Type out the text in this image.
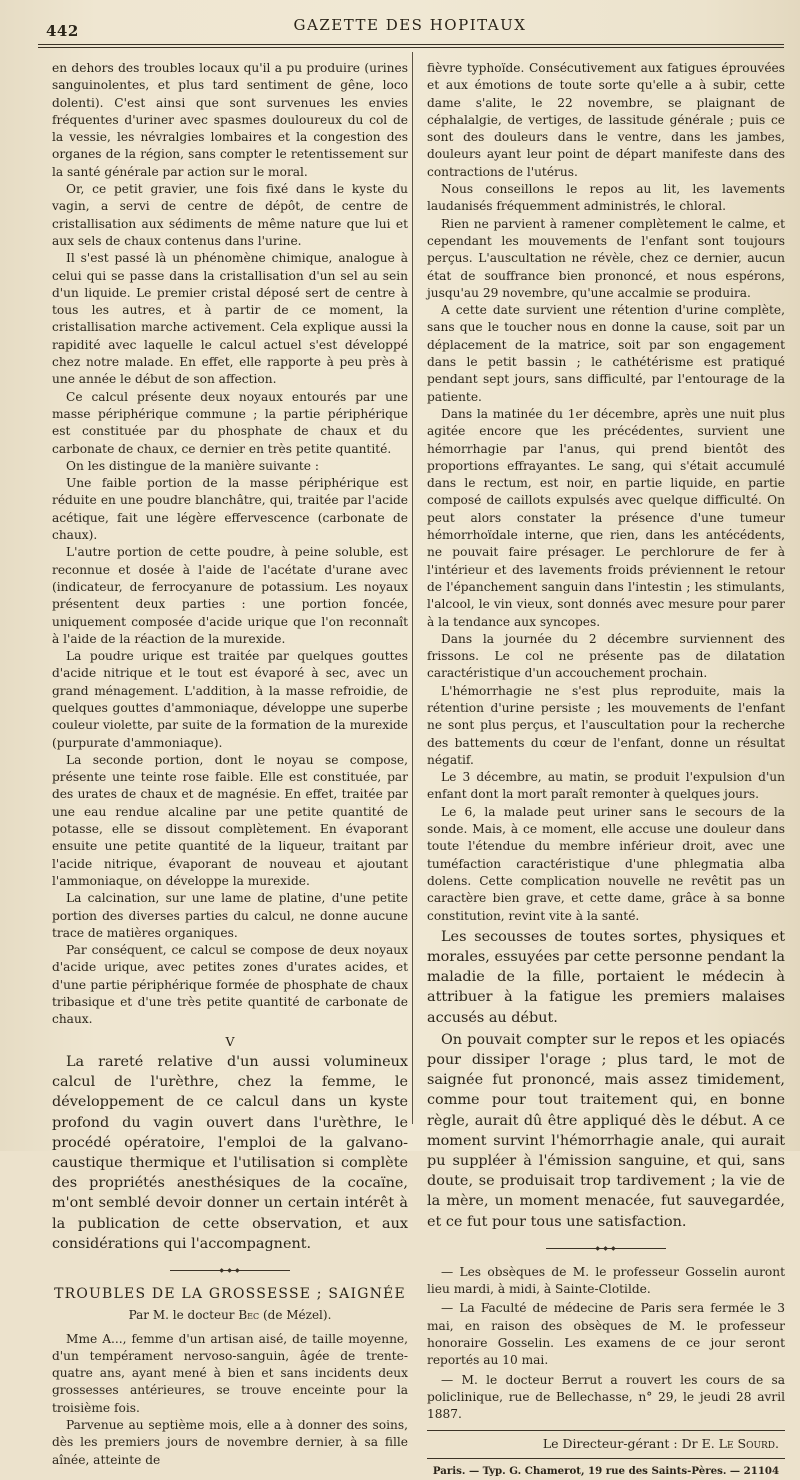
442	GAZETTE DES HOPITAUX

en dehors des troubles locaux qu'il a pu produire (urines sanguinolentes, et plus tard sentiment de gêne, loco dolenti). C'est ainsi que sont survenues les envies fréquentes d'uriner avec spasmes douloureux du col de la vessie, les névralgies lombaires et la congestion des organes de la région, sans compter le retentissement sur la santé générale par action sur le moral.

Or, ce petit gravier, une fois fixé dans le kyste du vagin, a servi de centre de dépôt, de centre de cristallisation aux sédiments de même nature que lui et aux sels de chaux contenus dans l'urine.

Il s'est passé là un phénomène chimique, analogue à celui qui se passe dans la cristallisation d'un sel au sein d'un liquide. Le premier cristal déposé sert de centre à tous les autres, et à partir de ce moment, la cristallisation marche activement. Cela explique aussi la rapidité avec laquelle le calcul actuel s'est développé chez notre malade. En effet, elle rapporte à peu près à une année le début de son affection.

Ce calcul présente deux noyaux entourés par une masse périphérique commune ; la partie périphérique est constituée par du phosphate de chaux et du carbonate de chaux, ce dernier en très petite quantité.

On les distingue de la manière suivante :

Une faible portion de la masse périphérique est réduite en une poudre blanchâtre, qui, traitée par l'acide acétique, fait une légère effervescence (carbonate de chaux).

L'autre portion de cette poudre, à peine soluble, est reconnue et dosée à l'aide de l'acétate d'urane avec (indicateur, de ferrocyanure de potassium. Les noyaux présentent deux parties : une portion foncée, uniquement composée d'acide urique que l'on reconnaît à l'aide de la réaction de la murexide.

La poudre urique est traitée par quelques gouttes d'acide nitrique et le tout est évaporé à sec, avec un grand ménagement. L'addition, à la masse refroidie, de quelques gouttes d'ammoniaque, développe une superbe couleur violette, par suite de la formation de la murexide (purpurate d'ammoniaque).

La seconde portion, dont le noyau se compose, présente une teinte rose faible. Elle est constituée, par des urates de chaux et de magnésie. En effet, traitée par une eau rendue alcaline par une petite quantité de potasse, elle se dissout complètement. En évaporant ensuite une petite quantité de la liqueur, traitant par l'acide nitrique, évaporant de nouveau et ajoutant l'ammoniaque, on développe la murexide.

La calcination, sur une lame de platine, d'une petite portion des diverses parties du calcul, ne donne aucune trace de matières organiques.

Par conséquent, ce calcul se compose de deux noyaux d'acide urique, avec petites zones d'urates acides, et d'une partie périphérique formée de phosphate de chaux tribasique et d'une très petite quantité de carbonate de chaux.

V

La rareté relative d'un aussi volumineux calcul de l'urèthre, chez la femme, le développement de ce calcul dans un kyste profond du vagin ouvert dans l'urèthre, le procédé opératoire, l'emploi de la galvano-caustique thermique et l'utilisation si complète des propriétés anesthésiques de la cocaïne, m'ont semblé devoir donner un certain intérêt à la publication de cette observation, et aux considérations qui l'accompagnent.

◆ ◆ ◆
TROUBLES DE LA GROSSESSE ; SAIGNÉE
Par M. le docteur Bec (de Mézel).

Mme A..., femme d'un artisan aisé, de taille moyenne, d'un tempérament nervoso-sanguin, âgée de trente-quatre ans, ayant mené à bien et sans incidents deux grossesses antérieures, se trouve enceinte pour la troisième fois.

Parvenue au septième mois, elle a à donner des soins, dès les premiers jours de novembre dernier, à sa fille aînée, atteinte de

fièvre typhoïde. Consécutivement aux fatigues éprouvées et aux émotions de toute sorte qu'elle a à subir, cette dame s'alite, le 22 novembre, se plaignant de céphalalgie, de vertiges, de lassitude générale ; puis ce sont des douleurs dans le ventre, dans les jambes, douleurs ayant leur point de départ manifeste dans des contractions de l'utérus.

Nous conseillons le repos au lit, les lavements laudanisés fréquemment administrés, le chloral.

Rien ne parvient à ramener complètement le calme, et cependant les mouvements de l'enfant sont toujours perçus. L'auscultation ne révèle, chez ce dernier, aucun état de souffrance bien prononcé, et nous espérons, jusqu'au 29 novembre, qu'une accalmie se produira.

A cette date survient une rétention d'urine complète, sans que le toucher nous en donne la cause, soit par un déplacement de la matrice, soit par son engagement dans le petit bassin ; le cathétérisme est pratiqué pendant sept jours, sans difficulté, par l'entourage de la patiente.

Dans la matinée du 1er décembre, après une nuit plus agitée encore que les précédentes, survient une hémorrhagie par l'anus, qui prend bientôt des proportions effrayantes. Le sang, qui s'était accumulé dans le rectum, est noir, en partie liquide, en partie composé de caillots expulsés avec quelque difficulté. On peut alors constater la présence d'une tumeur hémorrhoïdale interne, que rien, dans les antécédents, ne pouvait faire présager. Le perchlorure de fer à l'intérieur et des lavements froids préviennent le retour de l'épanchement sanguin dans l'intestin ; les stimulants, l'alcool, le vin vieux, sont donnés avec mesure pour parer à la tendance aux syncopes.

Dans la journée du 2 décembre surviennent des frissons. Le col ne présente pas de dilatation caractéristique d'un accouchement prochain.

L'hémorrhagie ne s'est plus reproduite, mais la rétention d'urine persiste ; les mouvements de l'enfant ne sont plus perçus, et l'auscultation pour la recherche des battements du cœur de l'enfant, donne un résultat négatif.

Le 3 décembre, au matin, se produit l'expulsion d'un enfant dont la mort paraît remonter à quelques jours.

Le 6, la malade peut uriner sans le secours de la sonde. Mais, à ce moment, elle accuse une douleur dans toute l'étendue du membre inférieur droit, avec une tuméfaction caractéristique d'une phlegmatia alba dolens. Cette complication nouvelle ne revêtit pas un caractère bien grave, et cette dame, grâce à sa bonne constitution, revint vite à la santé.

Les secousses de toutes sortes, physiques et morales, essuyées par cette personne pendant la maladie de la fille, portaient le médecin à attribuer à la fatigue les premiers malaises accusés au début.

On pouvait compter sur le repos et les opiacés pour dissiper l'orage ; plus tard, le mot de saignée fut prononcé, mais assez timidement, comme pour tout traitement qui, en bonne règle, aurait dû être appliqué dès le début. A ce moment survint l'hémorrhagie anale, qui aurait pu suppléer à l'émission sanguine, et qui, sans doute, se produisait trop tardivement ; la vie de la mère, un moment menacée, fut sauvegardée, et ce fut pour tous une satisfaction.

◆ ◆ ◆

— Les obsèques de M. le professeur Gosselin auront lieu mardi, à midi, à Sainte-Clotilde.

— La Faculté de médecine de Paris sera fermée le 3 mai, en raison des obsèques de M. le professeur honoraire Gosselin. Les examens de ce jour seront reportés au 10 mai.

— M. le docteur Berrut a rouvert les cours de sa policlinique, rue de Bellechasse, n° 29, le jeudi 28 avril 1887.

Le Directeur-gérant : Dr E. Le Sourd.
Paris. — Typ. G. Chamerot, 19 rue des Saints-Pères. — 21104
